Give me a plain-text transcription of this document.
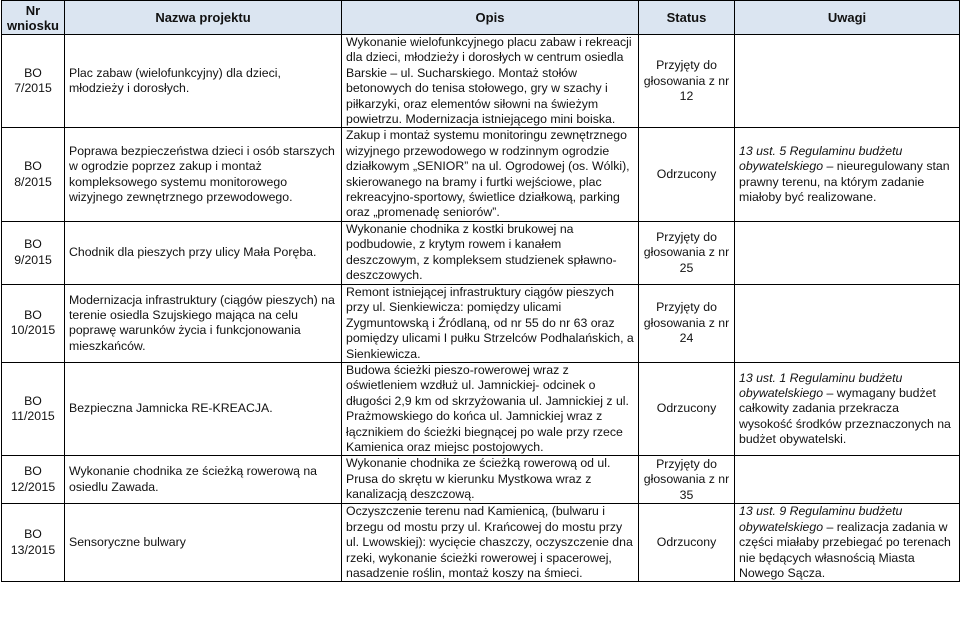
Nr wniosku	Nazwa projektu	Opis	Status	Uwagi
BO 7/2015	Plac zabaw (wielofunkcyjny) dla dzieci, młodzieży i dorosłych.	Wykonanie wielofunkcyjnego placu zabaw i rekreacji dla dzieci, młodzieży i dorosłych w centrum osiedla Barskie – ul. Sucharskiego. Montaż stołów betonowych do tenisa stołowego, gry w szachy i piłkarzyki, oraz elementów siłowni na świeżym powietrzu. Modernizacja istniejącego mini boiska.	Przyjęty do głosowania z nr 12	
BO 8/2015	Poprawa bezpieczeństwa dzieci i osób starszych w ogrodzie poprzez zakup i montaż kompleksowego systemu monitorowego wizyjnego zewnętrznego przewodowego.	Zakup i montaż systemu monitoringu zewnętrznego wizyjnego przewodowego w rodzinnym ogrodzie działkowym „SENIOR” na ul. Ogrodowej (os. Wólki), skierowanego na bramy i furtki wejściowe, plac rekreacyjno-sportowy, świetlice działkową, parking oraz „promenadę seniorów”.	Odrzucony	13 ust. 5 Regulaminu budżetu obywatelskiego – nieuregulowany stan prawny terenu, na którym zadanie miałoby być realizowane.
BO 9/2015	Chodnik dla pieszych przy ulicy Mała Poręba.	Wykonanie chodnika z kostki brukowej na podbudowie, z krytym rowem i kanałem deszczowym, z kompleksem studzienek spławno-deszczowych.	Przyjęty do głosowania z nr 25	
BO 10/2015	Modernizacja infrastruktury (ciągów pieszych) na terenie osiedla Szujskiego mająca na celu poprawę warunków życia i funkcjonowania mieszkańców.	Remont istniejącej infrastruktury ciągów pieszych przy ul. Sienkiewicza: pomiędzy ulicami Zygmuntowską i Źródlaną, od nr 55 do nr 63 oraz pomiędzy ulicami I pułku Strzelców Podhalańskich, a Sienkiewicza.	Przyjęty do głosowania z nr 24	
BO 11/2015	Bezpieczna Jamnicka RE-KREACJA.	Budowa ścieżki pieszo-rowerowej wraz z oświetleniem wzdłuż ul. Jamnickiej- odcinek o długości 2,9 km od skrzyżowania ul. Jamnickiej z ul. Prażmowskiego do końca ul. Jamnickiej wraz z łącznikiem do ścieżki biegnącej po wale przy rzece Kamienica oraz miejsc postojowych.	Odrzucony	13 ust. 1 Regulaminu budżetu obywatelskiego – wymagany budżet całkowity zadania przekracza wysokość środków przeznaczonych na budżet obywatelski.
BO 12/2015	Wykonanie chodnika ze ścieżką rowerową na osiedlu Zawada.	Wykonanie chodnika ze ścieżką rowerową od ul. Prusa do skrętu w kierunku Mystkowa wraz z kanalizacją deszczową.	Przyjęty do głosowania z nr 35	
BO 13/2015	Sensoryczne bulwary	Oczyszczenie terenu nad Kamienicą, (bulwaru i brzegu od mostu przy ul. Krańcowej do mostu przy ul. Lwowskiej): wycięcie chaszczy, oczyszczenie dna rzeki, wykonanie ścieżki rowerowej i spacerowej, nasadzenie roślin, montaż koszy na śmieci.	Odrzucony	13 ust. 9 Regulaminu budżetu obywatelskiego – realizacja zadania w części miałaby przebiegać po terenach nie będących własnością Miasta Nowego Sącza.
